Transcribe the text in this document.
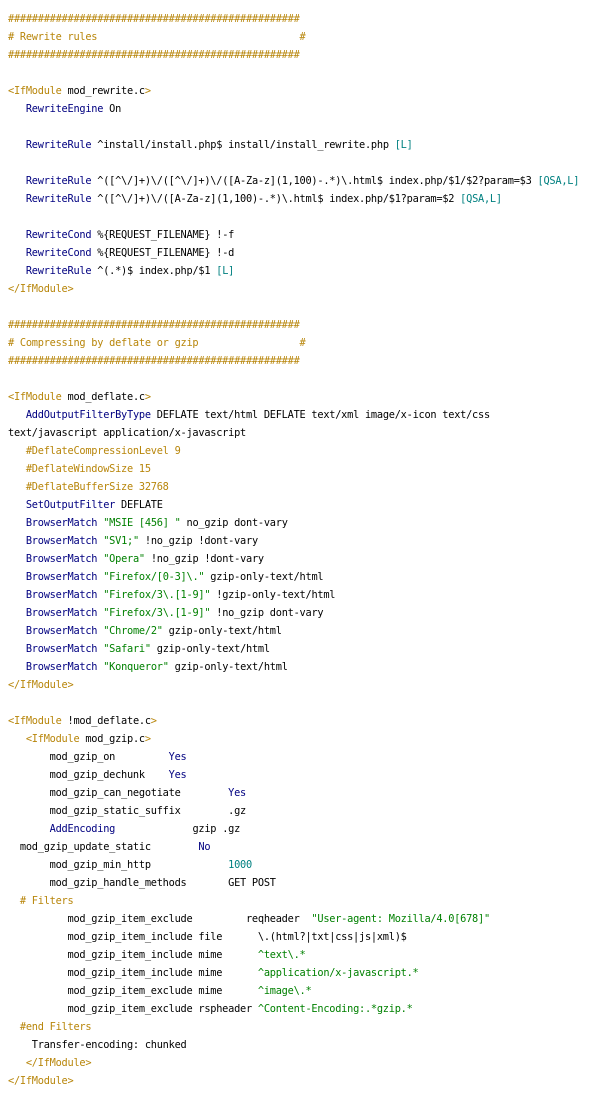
#################################################
# Rewrite rules                                  #
#################################################

<IfModule mod_rewrite.c>
RewriteEngine On

RewriteRule ^install/install.php$ install/install_rewrite.php [L]

RewriteRule ^([^\/]+)\/([^\/]+)\/([A-Za-z](1,100)-.*)\.html$ index.php/$1/$2?param=$3 [QSA,L]
RewriteRule ^([^\/]+)\/([A-Za-z](1,100)-.*)\.html$ index.php/$1?param=$2 [QSA,L]

RewriteCond %{REQUEST_FILENAME} !-f
RewriteCond %{REQUEST_FILENAME} !-d
RewriteRule ^(.*)$ index.php/$1 [L]
</IfModule>

#################################################
# Compressing by deflate or gzip                 #
#################################################

<IfModule mod_deflate.c>
AddOutputFilterByType DEFLATE text/html DEFLATE text/xml image/x-icon text/css
text/javascript application/x-javascript
#DeflateCompressionLevel 9
#DeflateWindowSize 15
#DeflateBufferSize 32768
SetOutputFilter DEFLATE
BrowserMatch "MSIE [456] " no_gzip dont-vary
BrowserMatch "SV1;" !no_gzip !dont-vary
BrowserMatch "Opera" !no_gzip !dont-vary
BrowserMatch "Firefox/[0-3]\." gzip-only-text/html
BrowserMatch "Firefox/3\.[1-9]" !gzip-only-text/html
BrowserMatch "Firefox/3\.[1-9]" !no_gzip dont-vary
BrowserMatch "Chrome/2" gzip-only-text/html
BrowserMatch "Safari" gzip-only-text/html
BrowserMatch "Konqueror" gzip-only-text/html
</IfModule>

<IfModule !mod_deflate.c>
<IfModule mod_gzip.c>
mod_gzip_on         Yes
mod_gzip_dechunk    Yes
mod_gzip_can_negotiate        Yes
mod_gzip_static_suffix        .gz
AddEncoding             gzip .gz
mod_gzip_update_static        No
mod_gzip_min_http             1000
mod_gzip_handle_methods       GET POST
# Filters
mod_gzip_item_exclude         reqheader  "User-agent: Mozilla/4.0[678]"
mod_gzip_item_include file      \.(html?|txt|css|js|xml)$
mod_gzip_item_include mime      ^text\.*
mod_gzip_item_include mime      ^application/x-javascript.*
mod_gzip_item_exclude mime      ^image\.*
mod_gzip_item_exclude rspheader ^Content-Encoding:.*gzip.*
#end Filters
Transfer-encoding: chunked
</IfModule>
</IfModule>
